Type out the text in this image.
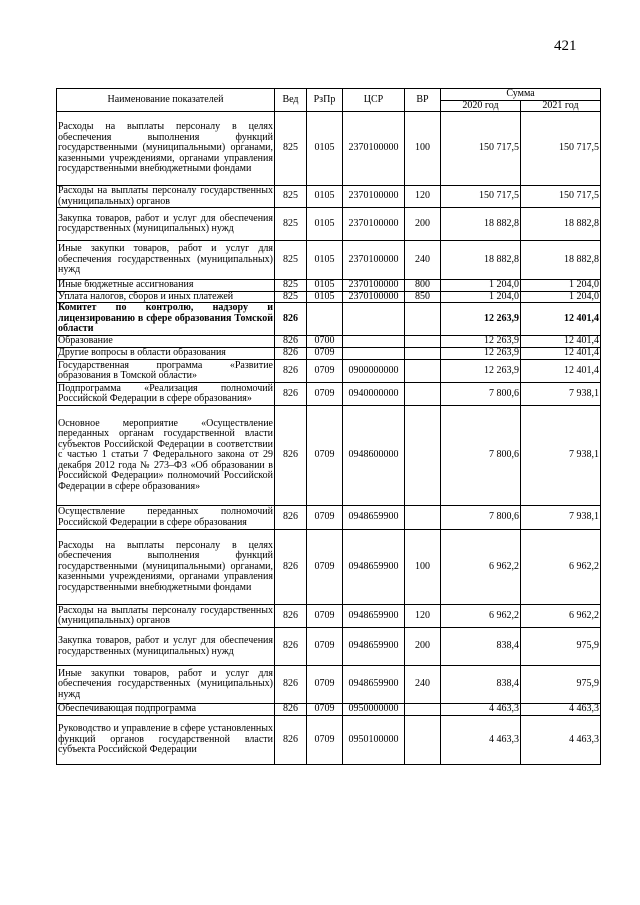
421
Наименование показателей	Вед	РзПр	ЦСР	ВР	Сумма	
					2020 год	2021 год
Расходы на выплаты персоналу в целях обеспечения выполнения функций государственными (муниципальными) органами, казенными учреждениями, органами управления государственными внебюджетными фондами	825	0105	2370100000	100	150 717,5	150 717,5
Расходы на выплаты персоналу государственных (муниципальных) органов	825	0105	2370100000	120	150 717,5	150 717,5
Закупка товаров, работ и услуг для обеспечения государственных (муниципальных) нужд	825	0105	2370100000	200	18 882,8	18 882,8
Иные закупки товаров, работ и услуг для обеспечения государственных (муниципальных) нужд	825	0105	2370100000	240	18 882,8	18 882,8
Иные бюджетные ассигнования	825	0105	2370100000	800	1 204,0	1 204,0
Уплата налогов, сборов и иных платежей	825	0105	2370100000	850	1 204,0	1 204,0
Комитет по контролю, надзору и лицензированию в сфере образования Томской области	826				12 263,9	12 401,4
Образование	826	0700			12 263,9	12 401,4
Другие вопросы в области образования	826	0709			12 263,9	12 401,4
Государственная программа «Развитие образования в Томской области»	826	0709	0900000000		12 263,9	12 401,4
Подпрограмма «Реализация полномочий Российской Федерации в сфере образования»	826	0709	0940000000		7 800,6	7 938,1
Основное мероприятие «Осуществление переданных органам государственной власти субъектов Российской Федерации в соответствии с частью 1 статьи 7 Федерального закона от 29 декабря 2012 года № 273–ФЗ «Об образовании в Российской Федерации» полномочий Российской Федерации в сфере образования»	826	0709	0948600000		7 800,6	7 938,1
Осуществление переданных полномочий Российской Федерации в сфере образования	826	0709	0948659900		7 800,6	7 938,1
Расходы на выплаты персоналу в целях обеспечения выполнения функций государственными (муниципальными) органами, казенными учреждениями, органами управления государственными внебюджетными фондами	826	0709	0948659900	100	6 962,2	6 962,2
Расходы на выплаты персоналу государственных (муниципальных) органов	826	0709	0948659900	120	6 962,2	6 962,2
Закупка товаров, работ и услуг для обеспечения государственных (муниципальных) нужд	826	0709	0948659900	200	838,4	975,9
Иные закупки товаров, работ и услуг для обеспечения государственных (муниципальных) нужд	826	0709	0948659900	240	838,4	975,9
Обеспечивающая подпрограмма	826	0709	0950000000		4 463,3	4 463,3
Руководство и управление в сфере установленных функций органов государственной власти субъекта Российской Федерации	826	0709	0950100000		4 463,3	4 463,3
